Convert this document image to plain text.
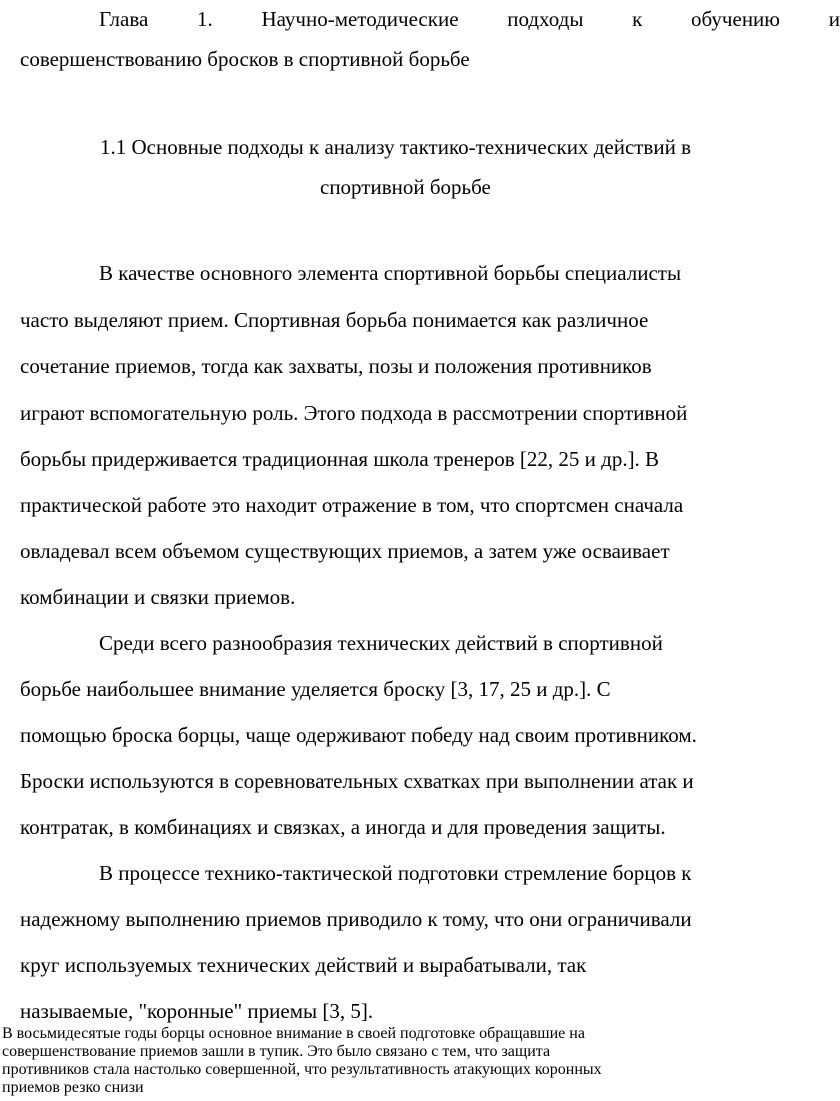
Глава 1. Научно-методические подходы к обучению и
совершенствованию бросков в спортивной борьбе
1.1 Основные подходы к анализу тактико-технических действий в
спортивной борьбе
В качестве основного элемента спортивной борьбы специалисты
часто выделяют прием. Спортивная борьба понимается как различное
сочетание приемов, тогда как захваты, позы и положения противников
играют вспомогательную роль. Этого подхода в рассмотрении спортивной
борьбы придерживается традиционная школа тренеров [22, 25 и др.]. В
практической работе это находит отражение в том, что спортсмен сначала
овладевал всем объемом существующих приемов, а затем уже осваивает
комбинации и связки приемов.
Среди всего разнообразия технических действий в спортивной
борьбе наибольшее внимание уделяется броску [3, 17, 25 и др.]. С
помощью броска борцы, чаще одерживают победу над своим противником.
Броски используются в соревновательных схватках при выполнении атак и
контратак, в комбинациях и связках, а иногда и для проведения защиты.
В процессе технико-тактической подготовки стремление борцов к
надежному выполнению приемов приводило к тому, что они ограничивали
круг используемых технических действий и вырабатывали, так
называемые, "коронные" приемы [3, 5].
В восьмидесятые годы борцы основное внимание в своей подготовке обращавшие на
совершенствование приемов зашли в тупик. Это было связано с тем, что защита
противников стала настолько совершенной, что результативность атакующих коронных
приемов резко снизи
